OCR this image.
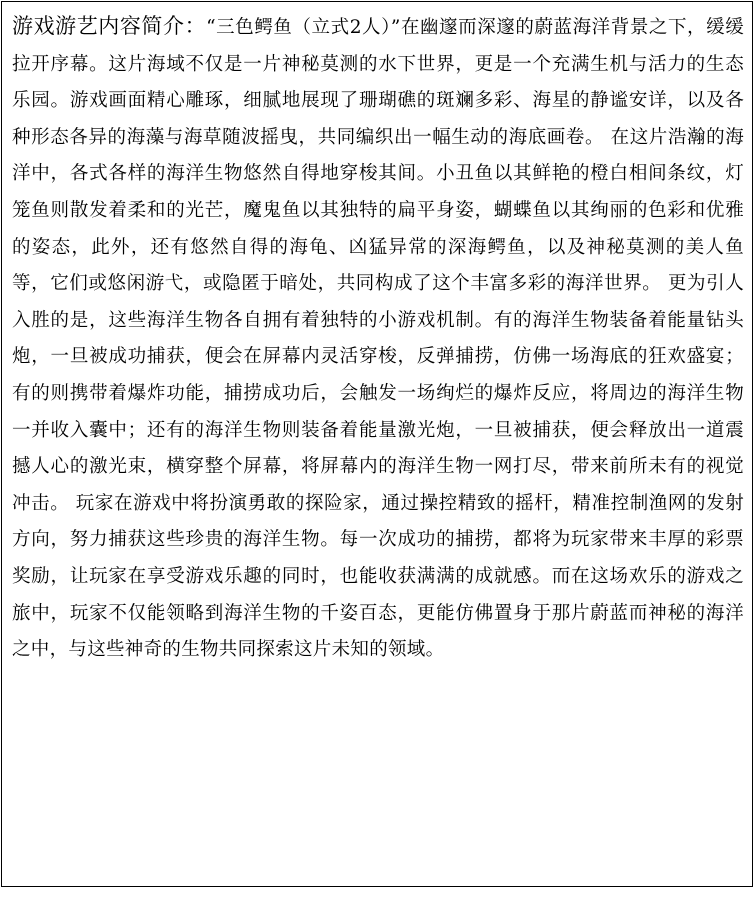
游戏游艺内容简介：“三色鳄鱼（立式2人）”在幽邃而深邃的蔚蓝海洋背景之下，缓缓拉开序幕。这片海域不仅是一片神秘莫测的水下世界，更是一个充满生机与活力的生态乐园。游戏画面精心雕琢，细腻地展现了珊瑚礁的斑斓多彩、海星的静谧安详，以及各种形态各异的海藻与海草随波摇曳，共同编织出一幅生动的海底画卷。 在这片浩瀚的海洋中，各式各样的海洋生物悠然自得地穿梭其间。小丑鱼以其鲜艳的橙白相间条纹，灯笼鱼则散发着柔和的光芒，魔鬼鱼以其独特的扁平身姿，蝴蝶鱼以其绚丽的色彩和优雅的姿态，此外，还有悠然自得的海龟、凶猛异常的深海鳄鱼，以及神秘莫测的美人鱼等，它们或悠闲游弋，或隐匿于暗处，共同构成了这个丰富多彩的海洋世界。 更为引人入胜的是，这些海洋生物各自拥有着独特的小游戏机制。有的海洋生物装备着能量钻头炮，一旦被成功捕获，便会在屏幕内灵活穿梭，反弹捕捞，仿佛一场海底的狂欢盛宴；有的则携带着爆炸功能，捕捞成功后，会触发一场绚烂的爆炸反应，将周边的海洋生物一并收入囊中；还有的海洋生物则装备着能量激光炮，一旦被捕获，便会释放出一道震撼人心的激光束，横穿整个屏幕，将屏幕内的海洋生物一网打尽，带来前所未有的视觉冲击。 玩家在游戏中将扮演勇敢的探险家，通过操控精致的摇杆，精准控制渔网的发射方向，努力捕获这些珍贵的海洋生物。每一次成功的捕捞，都将为玩家带来丰厚的彩票奖励，让玩家在享受游戏乐趣的同时，也能收获满满的成就感。而在这场欢乐的游戏之旅中，玩家不仅能领略到海洋生物的千姿百态，更能仿佛置身于那片蔚蓝而神秘的海洋之中，与这些神奇的生物共同探索这片未知的领域。
